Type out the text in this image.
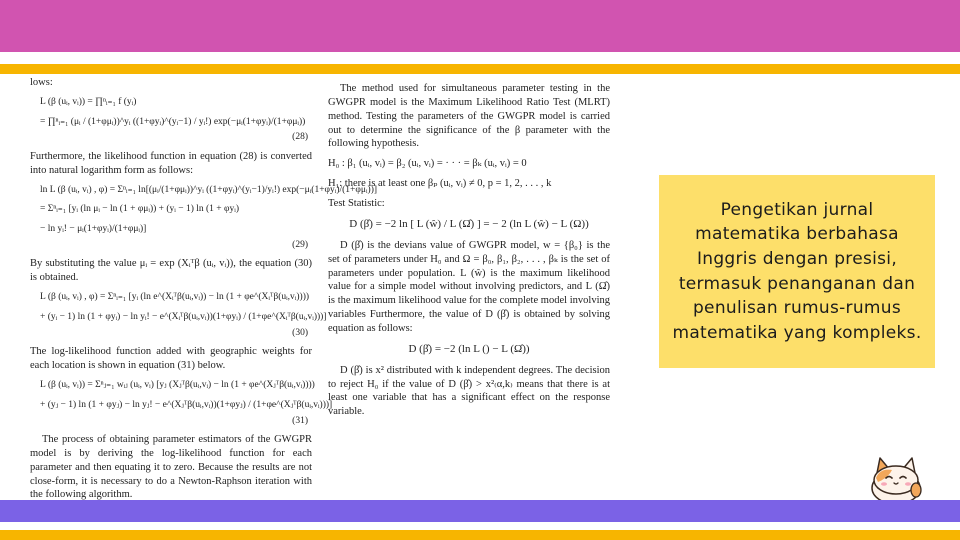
lows:
L (β (uᵢ, vᵢ)) = ∏ⁿᵢ₌₁ f (yᵢ)
= ∏ⁿᵢ₌₁ (μᵢ / (1+φμᵢ))^yᵢ ((1+φyᵢ)^(yᵢ−1) / yᵢ!) exp(−μᵢ(1+φyᵢ)/(1+φμᵢ))
(28)
Furthermore, the likelihood function in equation (28) is converted into natural logarithm form as follows:
ln L (β (uᵢ, vᵢ) , φ) = Σⁿᵢ₌₁ ln[(μᵢ/(1+φμᵢ))^yᵢ ((1+φyᵢ)^(yᵢ−1)/yᵢ!) exp(−μᵢ(1+φyᵢ)/(1+φμᵢ))]
= Σⁿᵢ₌₁ [yᵢ (ln μᵢ − ln (1 + φμᵢ)) + (yᵢ − 1) ln (1 + φyᵢ)
− ln yᵢ! − μᵢ(1+φyᵢ)/(1+φμᵢ)]
(29)
By substituting the value μᵢ = exp (Xᵢᵀβ (uᵢ, vᵢ)), the equation (30) is obtained.
L (β (uᵢ, vᵢ) , φ) = Σⁿᵢ₌₁ [yᵢ (ln e^(Xᵢᵀβ(uᵢ,vᵢ)) − ln (1 + φe^(Xᵢᵀβ(uᵢ,vᵢ))))
+ (yᵢ − 1) ln (1 + φyᵢ) − ln yᵢ! − e^(Xᵢᵀβ(uᵢ,vᵢ))(1+φyᵢ) / (1+φe^(Xᵢᵀβ(uᵢ,vᵢ)))]
(30)
The log-likelihood function added with geographic weights for each location is shown in equation (31) below.
L (β (uᵢ, vᵢ)) = Σⁿⱼ₌₁ wᵢⱼ (uᵢ, vᵢ) [yⱼ (Xⱼᵀβ(uᵢ,vᵢ) − ln (1 + φe^(Xⱼᵀβ(uᵢ,vᵢ))))
+ (yⱼ − 1) ln (1 + φyⱼ) − ln yⱼ! − e^(Xⱼᵀβ(uᵢ,vᵢ))(1+φyⱼ) / (1+φe^(Xⱼᵀβ(uᵢ,vᵢ)))]
(31)
The process of obtaining parameter estimators of the GWGPR model is by deriving the log-likelihood function for each parameter and then equating it to zero. Because the results are not close-form, it is necessary to do a Newton-Raphson iteration with the following algorithm.
The method used for simultaneous parameter testing in the GWGPR model is the Maximum Likelihood Ratio Test (MLRT) method. Testing the parameters of the GWGPR model is carried out to determine the significance of the β parameter with the following hypothesis.
H₀ : β₁ (uᵢ, vᵢ) = β₂ (uᵢ, vᵢ) = · · · = βₖ (uᵢ, vᵢ) = 0
H₁: there is at least one βₚ (uᵢ, vᵢ) ≠ 0, p = 1, 2, . . . , k
Test Statistic:
D (β̂) = −2 ln [ L (ŵ) / L (Ω̂) ] = − 2 (ln L (ŵ) − L (Ω))
D (β̂) is the devians value of GWGPR model, w = {β₀} is the set of parameters under H₀ and Ω = β₀, β₁, β₂, . . . , βₖ is the set of parameters under population. L (ŵ) is the maximum likelihood value for a simple model without involving predictors, and L (Ω̂) is the maximum likelihood value for the complete model involving variables Furthermore, the value of D (β̂) is obtained by solving equation as follows:
D (β̂) = −2 (ln L () − L (Ω̂))
D (β̂) is x² distributed with k independent degrees. The decision to reject H₀ if the value of D (β̂) > x²₍α,k₎ means that there is at least one variable that has a significant effect on the response variable.
Pengetikan jurnal
matematika berbahasa
Inggris dengan presisi,
termasuk penanganan dan
penulisan rumus-rumus
matematika yang kompleks.
